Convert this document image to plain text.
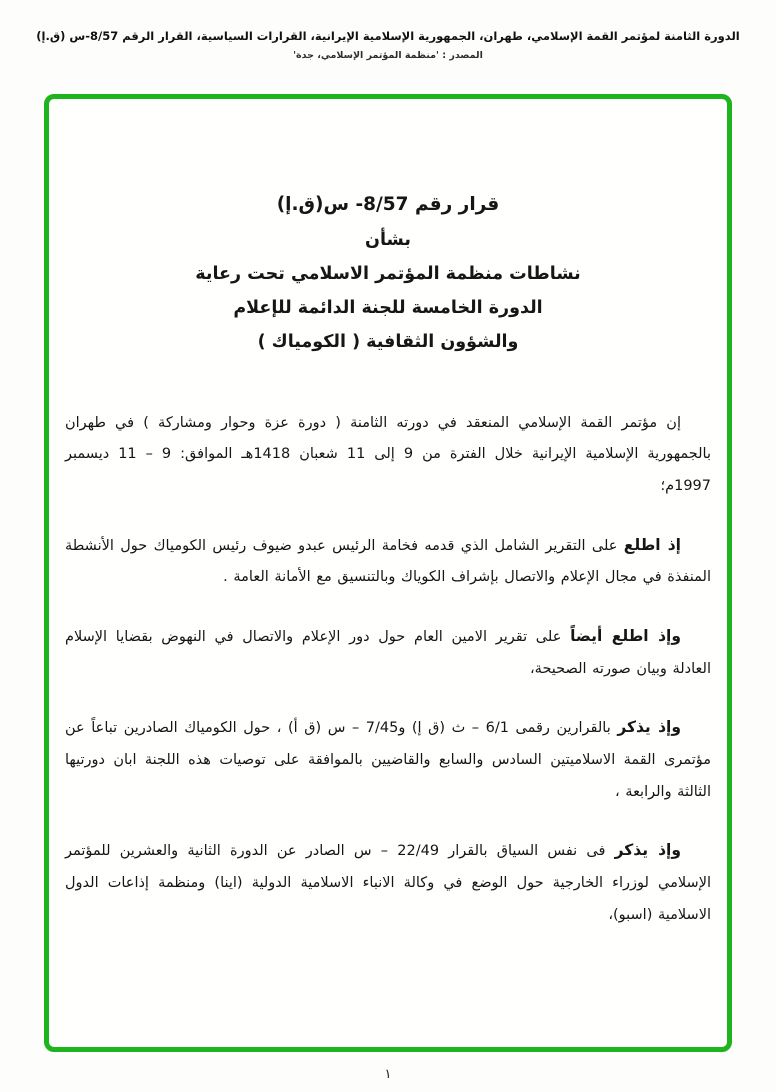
الدورة الثامنة لمؤتمر القمة الإسلامي، طهران، الجمهورية الإسلامية الإيرانية، القرارات السياسية، القرار الرقم 8/57-س (ق.إ)
المصدر : 'منظمة المؤتمر الإسلامي، جدة'
قرار رقم 8/57- س(ق.إ)
بشأن
نشاطات منظمة المؤتمر الاسلامي تحت رعاية
الدورة الخامسة للجنة الدائمة للإعلام
والشؤون الثقافية ( الكومياك )

إن مؤتمر القمة الإسلامي المنعقد في دورته الثامنة ( دورة عزة وحوار ومشاركة ) في طهران بالجمهورية الإسلامية الإيرانية خلال الفترة من 9 إلى 11 شعبان 1418هـ الموافق: 9 – 11 ديسمبر 1997م؛

إذ اطلع على التقرير الشامل الذي قدمه فخامة الرئيس عبدو ضيوف رئيس الكومياك حول الأنشطة المنفذة في مجال الإعلام والاتصال بإشراف الكوياك وبالتنسيق مع الأمانة العامة .

وإذ اطلع أيضاً على تقرير الامين العام حول دور الإعلام والاتصال في النهوض بقضايا الإسلام العادلة وبيان صورته الصحيحة،

وإذ يذكر بالقرارين رقمى 6/1 – ث (ق إ) و7/45 – س (ق أ) ، حول الكومياك الصادرين تباعاً عن مؤتمرى القمة الاسلاميتين السادس والسابع والقاضيين بالموافقة على توصيات هذه اللجنة ابان دورتيها الثالثة والرابعة ،

وإذ يذكر فى نفس السياق بالقرار 22/49 – س الصادر عن الدورة الثانية والعشرين للمؤتمر الإسلامي لوزراء الخارجية حول الوضع في وكالة الانباء الاسلامية الدولية (اينا) ومنظمة إذاعات الدول الاسلامية (اسبو)،

١
